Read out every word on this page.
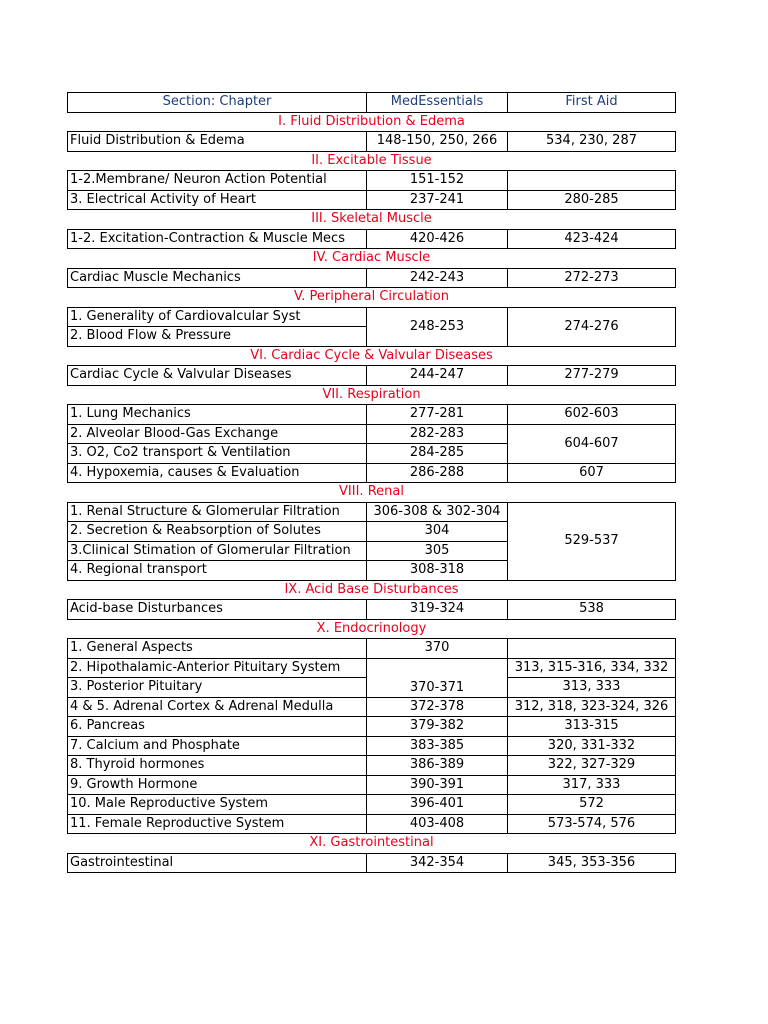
Section: Chapter	MedEssentials	First Aid
I. Fluid Distribution & Edema		
Fluid Distribution & Edema	148-150, 250, 266	534, 230, 287
II. Excitable Tissue		
1-2.Membrane/ Neuron Action Potential	151-152	
3. Electrical Activity of Heart	237-241	280-285
III. Skeletal Muscle		
1-2. Excitation-Contraction & Muscle Mecs	420-426	423-424
IV. Cardiac Muscle		
Cardiac Muscle Mechanics	242-243	272-273
V. Peripheral Circulation		
1. Generality of Cardiovalcular Syst	248-253	274-276
2. Blood Flow & Pressure		
VI. Cardiac Cycle & Valvular Diseases		
Cardiac Cycle & Valvular Diseases	244-247	277-279
VII. Respiration		
1. Lung Mechanics	277-281	602-603
2. Alveolar Blood-Gas Exchange	282-283	604-607
3. O2, Co2 transport & Ventilation	284-285	
4. Hypoxemia, causes & Evaluation	286-288	607
VIII. Renal		
1. Renal Structure & Glomerular Filtration	306-308 & 302-304	529-537
2. Secretion & Reabsorption of Solutes	304	
3.Clinical Stimation of Glomerular Filtration	305	
4. Regional transport	308-318	
IX. Acid Base Disturbances		
Acid-base Disturbances	319-324	538
X. Endocrinology		
1. General Aspects	370	
2. Hipothalamic-Anterior Pituitary System	370-371	313, 315-316, 334, 332
3. Posterior Pituitary		313, 333
4 & 5. Adrenal Cortex & Adrenal Medulla	372-378	312, 318, 323-324, 326
6. Pancreas	379-382	313-315
7. Calcium and Phosphate	383-385	320, 331-332
8. Thyroid hormones	386-389	322, 327-329
9. Growth Hormone	390-391	317, 333
10. Male Reproductive System	396-401	572
11. Female Reproductive System	403-408	573-574, 576
XI. Gastrointestinal		
Gastrointestinal	342-354	345, 353-356
